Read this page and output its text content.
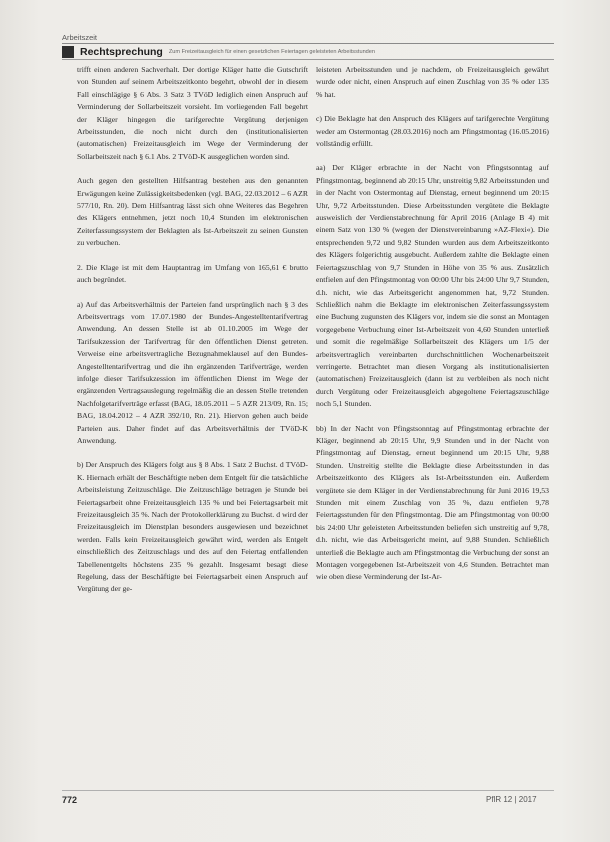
Arbeitszeit
Rechtsprechung Zum Freizeitausgleich für einen gesetzlichen Feiertagen geleisteten Arbeitsstunden

trifft einen anderen Sachverhalt. Der dortige Kläger hatte die Gutschrift von Stunden auf seinem Arbeitszeitkonto begehrt, obwohl der in diesem Fall einschlägige § 6 Abs. 3 Satz 3 TVöD lediglich einen Anspruch auf Verminderung der Sollarbeitszeit vorsieht. Im vorliegenden Fall begehrt der Kläger hingegen die tarifgerechte Vergütung derjenigen Arbeitsstunden, die noch nicht durch den (institutionalisierten (automatischen) Freizeitausgleich im Wege der Verminderung der Sollarbeitszeit nach § 6.1 Abs. 2 TVöD-K ausgeglichen worden sind.

Auch gegen den gestellten Hilfsantrag bestehen aus den genannten Erwägungen keine Zulässigkeitsbedenken (vgl. BAG, 22.03.2012 – 6 AZR 577/10, Rn. 20). Dem Hilfsantrag lässt sich ohne Weiteres das Begehren des Klägers entnehmen, jetzt noch 10,4 Stunden im elektronischen Zeiterfassungssystem der Beklagten als Ist-Arbeitszeit zu seinen Gunsten zu verbuchen.

2. Die Klage ist mit dem Hauptantrag im Umfang von 165,61 € brutto auch begründet.

a) Auf das Arbeitsverhältnis der Parteien fand ursprünglich nach § 3 des Arbeitsvertrags vom 17.07.1980 der Bundes-Angestelltentarifvertrag Anwendung. An dessen Stelle ist ab 01.10.2005 im Wege der Tarifsukzession der Tarifvertrag für den öffentlichen Dienst getreten. Verweise eine arbeitsvertragliche Bezugnahmeklausel auf den Bundes-Angestelltentarifvertrag und die ihn ergänzenden Tarifverträge, werden infolge dieser Tarifsukzession im öffentlichen Dienst im Wege der ergänzenden Vertragsauslegung regelmäßig die an dessen Stelle tretenden Nachfolgetarifverträge erfasst (BAG, 18.05.2011 – 5 AZR 213/09, Rn. 15; BAG, 18.04.2012 – 4 AZR 392/10, Rn. 21). Hiervon gehen auch beide Parteien aus. Daher findet auf das Arbeitsverhältnis der TVöD-K Anwendung.

b) Der Anspruch des Klägers folgt aus § 8 Abs. 1 Satz 2 Buchst. d TVöD-K. Hiernach erhält der Beschäftigte neben dem Entgelt für die tatsächliche Arbeitsleistung Zeitzuschläge. Die Zeitzuschläge betragen je Stunde bei Feiertagsarbeit ohne Freizeitausgleich 135 % und bei Feiertagsarbeit mit Freizeitausgleich 35 %. Nach der Protokollerklärung zu Buchst. d wird der Freizeitausgleich im Dienstplan besonders ausgewiesen und bezeichnet werden. Falls kein Freizeitausgleich gewährt wird, werden als Entgelt einschließlich des Zeitzuschlags und des auf den Feiertag entfallenden Tabellenentgelts höchstens 235 % gezahlt. Insgesamt besagt diese Regelung, dass der Beschäftigte bei Feiertagsarbeit einen Anspruch auf Vergütung der ge-

leisteten Arbeitsstunden und je nachdem, ob Freizeitausgleich gewährt wurde oder nicht, einen Anspruch auf einen Zuschlag von 35 % oder 135 % hat.

c) Die Beklagte hat den Anspruch des Klägers auf tarifgerechte Vergütung weder am Ostermontag (28.03.2016) noch am Pfingstmontag (16.05.2016) vollständig erfüllt.

aa) Der Kläger erbrachte in der Nacht von Pfingstsonntag auf Pfingstmontag, beginnend ab 20:15 Uhr, unstreitig 9,82 Arbeitsstunden und in der Nacht von Ostermontag auf Dienstag, erneut beginnend um 20:15 Uhr, 9,72 Arbeitsstunden. Diese Arbeitsstunden vergütete die Beklagte ausweislich der Verdienstabrechnung für April 2016 (Anlage B 4) mit einem Satz von 130 % (wegen der Dienstvereinbarung »AZ-Flexi«). Die entsprechenden 9,72 und 9,82 Stunden wurden aus dem Arbeitszeitkonto des Klägers folgerichtig ausgebucht. Außerdem zahlte die Beklagte einen Feiertagszuschlag von 9,7 Stunden in Höhe von 35 % aus. Zusätzlich entfielen auf den Pfingstmontag von 00:00 Uhr bis 24:00 Uhr 9,7 Stunden, d.h. nicht, wie das Arbeitsgericht angenommen hat, 9,72 Stunden. Schließlich nahm die Beklagte im elektronischen Zeiterfassungssystem eine Buchung zugunsten des Klägers vor, indem sie die sonst an Montagen vorgegebene Verbuchung einer Ist-Arbeitszeit von 4,60 Stunden unterließ und somit die regelmäßige Sollarbeitszeit des Klägers um 1/5 der arbeitsvertraglich vereinbarten durchschnittlichen Wochenarbeitszeit verringerte. Betrachtet man diesen Vorgang als institutionalisierten (automatischen) Freizeitausgleich (dann ist zu verbleiben als noch nicht durch Vergütung oder Freizeitausgleich abgegoltene Feiertagszuschläge noch 5,1 Stunden.

bb) In der Nacht von Pfingstsonntag auf Pfingstmontag erbrachte der Kläger, beginnend ab 20:15 Uhr, 9,9 Stunden und in der Nacht von Pfingstmontag auf Dienstag, erneut beginnend um 20:15 Uhr, 9,88 Stunden. Unstreitig stellte die Beklagte diese Arbeitsstunden in das Arbeitszeitkonto des Klägers als Ist-Arbeitsstunden ein. Außerdem vergütete sie dem Kläger in der Verdienstabrechnung für Juni 2016 19,53 Stunden mit einem Zuschlag von 35 %, dazu entfielen 9,78 Feiertagsstunden für den Pfingstmontag. Die am Pfingstmontag von 00:00 bis 24:00 Uhr geleisteten Arbeitsstunden beliefen sich unstreitig auf 9,78, d.h. nicht, wie das Arbeitsgericht meint, auf 9,88 Stunden. Schließlich unterließ die Beklagte auch am Pfingstmontag die Verbuchung der sonst an Montagen vorgegebenen Ist-Arbeitszeit von 4,6 Stunden. Betrachtet man wie oben diese Verminderung der Ist-Ar-

772	PflR 12 | 2017
